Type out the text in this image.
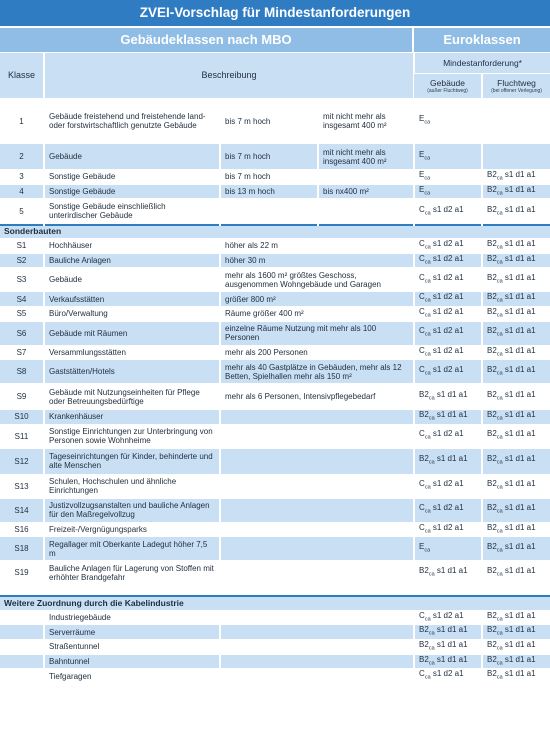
ZVEI-Vorschlag für Mindestanforderungen
Gebäudeklassen nach MBO	Euroklassen
Klasse	Beschreibung			Mindestanforderung*	
				Gebäude
(außer Fluchtweg)	Fluchtweg
(bei offener Verlegung)

1	Gebäude freistehend und freistehende land- oder forstwirtschaftlich genutzte Gebäude	bis 7 m hoch	mit nicht mehr als insgesamt 400 m²	$E_{ca}$	
2	Gebäude	bis 7 m hoch	mit nicht mehr als insgesamt 400 m²	$E_{ca}$	
3	Sonstige Gebäude	bis 7 m hoch		$E_{ca}$	$B2_{ca}$ s1 d1 a1
4	Sonstige Gebäude	bis 13 m hoch	bis nx400 m²	$E_{ca}$	$B2_{ca}$ s1 d1 a1
5	Sonstige Gebäude einschließlich unterirdischer Gebäude			$C_{ca}$ s1 d2 a1	$B2_{ca}$ s1 d1 a1
Sonderbauten					
S1	Hochhäuser	höher als 22 m		$C_{ca}$ s1 d2 a1	$B2_{ca}$ s1 d1 a1
S2	Bauliche Anlagen	höher 30 m		$C_{ca}$ s1 d2 a1	$B2_{ca}$ s1 d1 a1
S3	Gebäude	mehr als 1600 m² größtes Geschoss, ausgenommen Wohngebäude und Garagen		$C_{ca}$ s1 d2 a1	$B2_{ca}$ s1 d1 a1
S4	Verkaufsstätten	größer 800 m²		$C_{ca}$ s1 d2 a1	$B2_{ca}$ s1 d1 a1
S5	Büro/Verwaltung	Räume größer 400 m²		$C_{ca}$ s1 d2 a1	$B2_{ca}$ s1 d1 a1
S6	Gebäude mit Räumen	einzelne Räume Nutzung mit mehr als 100 Personen		$C_{ca}$ s1 d2 a1	$B2_{ca}$ s1 d1 a1
S7	Versammlungsstätten	mehr als 200 Personen		$C_{ca}$ s1 d2 a1	$B2_{ca}$ s1 d1 a1
S8	Gaststätten/Hotels	mehr als 40 Gastplätze in Gebäuden, mehr als 12 Betten, Spielhallen mehr als 150 m²		$C_{ca}$ s1 d2 a1	$B2_{ca}$ s1 d1 a1
S9	Gebäude mit Nutzungseinheiten für Pflege oder Betreuungsbedürftige	mehr als 6 Personen, Intensivpflegebedarf		$B2_{ca}$ s1 d1 a1	$B2_{ca}$ s1 d1 a1
S10	Krankenhäuser			$B2_{ca}$ s1 d1 a1	$B2_{ca}$ s1 d1 a1
S11	Sonstige Einrichtungen zur Unterbringung von Personen sowie Wohnheime			$C_{ca}$ s1 d2 a1	$B2_{ca}$ s1 d1 a1
S12	Tageseinrichtungen für Kinder, behinderte und alte Menschen			$B2_{ca}$ s1 d1 a1	$B2_{ca}$ s1 d1 a1
S13	Schulen, Hochschulen und ähnliche Einrichtungen			$C_{ca}$ s1 d2 a1	$B2_{ca}$ s1 d1 a1
S14	Justizvollzugsanstalten und bauliche Anlagen für den Maßregelvollzug			$C_{ca}$ s1 d2 a1	$B2_{ca}$ s1 d1 a1
S16	Freizeit-/Vergnügungsparks			$C_{ca}$ s1 d2 a1	$B2_{ca}$ s1 d1 a1
S18	Regallager mit Oberkante Ladegut höher 7,5 m			$E_{ca}$	$B2_{ca}$ s1 d1 a1
S19	Bauliche Anlagen für Lagerung von Stoffen mit erhöhter Brandgefahr			$B2_{ca}$ s1 d1 a1	$B2_{ca}$ s1 d1 a1

Weitere Zuordnung durch die Kabelindustrie					
	Industriegebäude			$C_{ca}$ s1 d2 a1	$B2_{ca}$ s1 d1 a1
	Serverräume			$B2_{ca}$ s1 d1 a1	$B2_{ca}$ s1 d1 a1
	Straßentunnel			$B2_{ca}$ s1 d1 a1	$B2_{ca}$ s1 d1 a1
	Bahntunnel			$B2_{ca}$ s1 d1 a1	$B2_{ca}$ s1 d1 a1
	Tiefgaragen			$C_{ca}$ s1 d2 a1	$B2_{ca}$ s1 d1 a1
